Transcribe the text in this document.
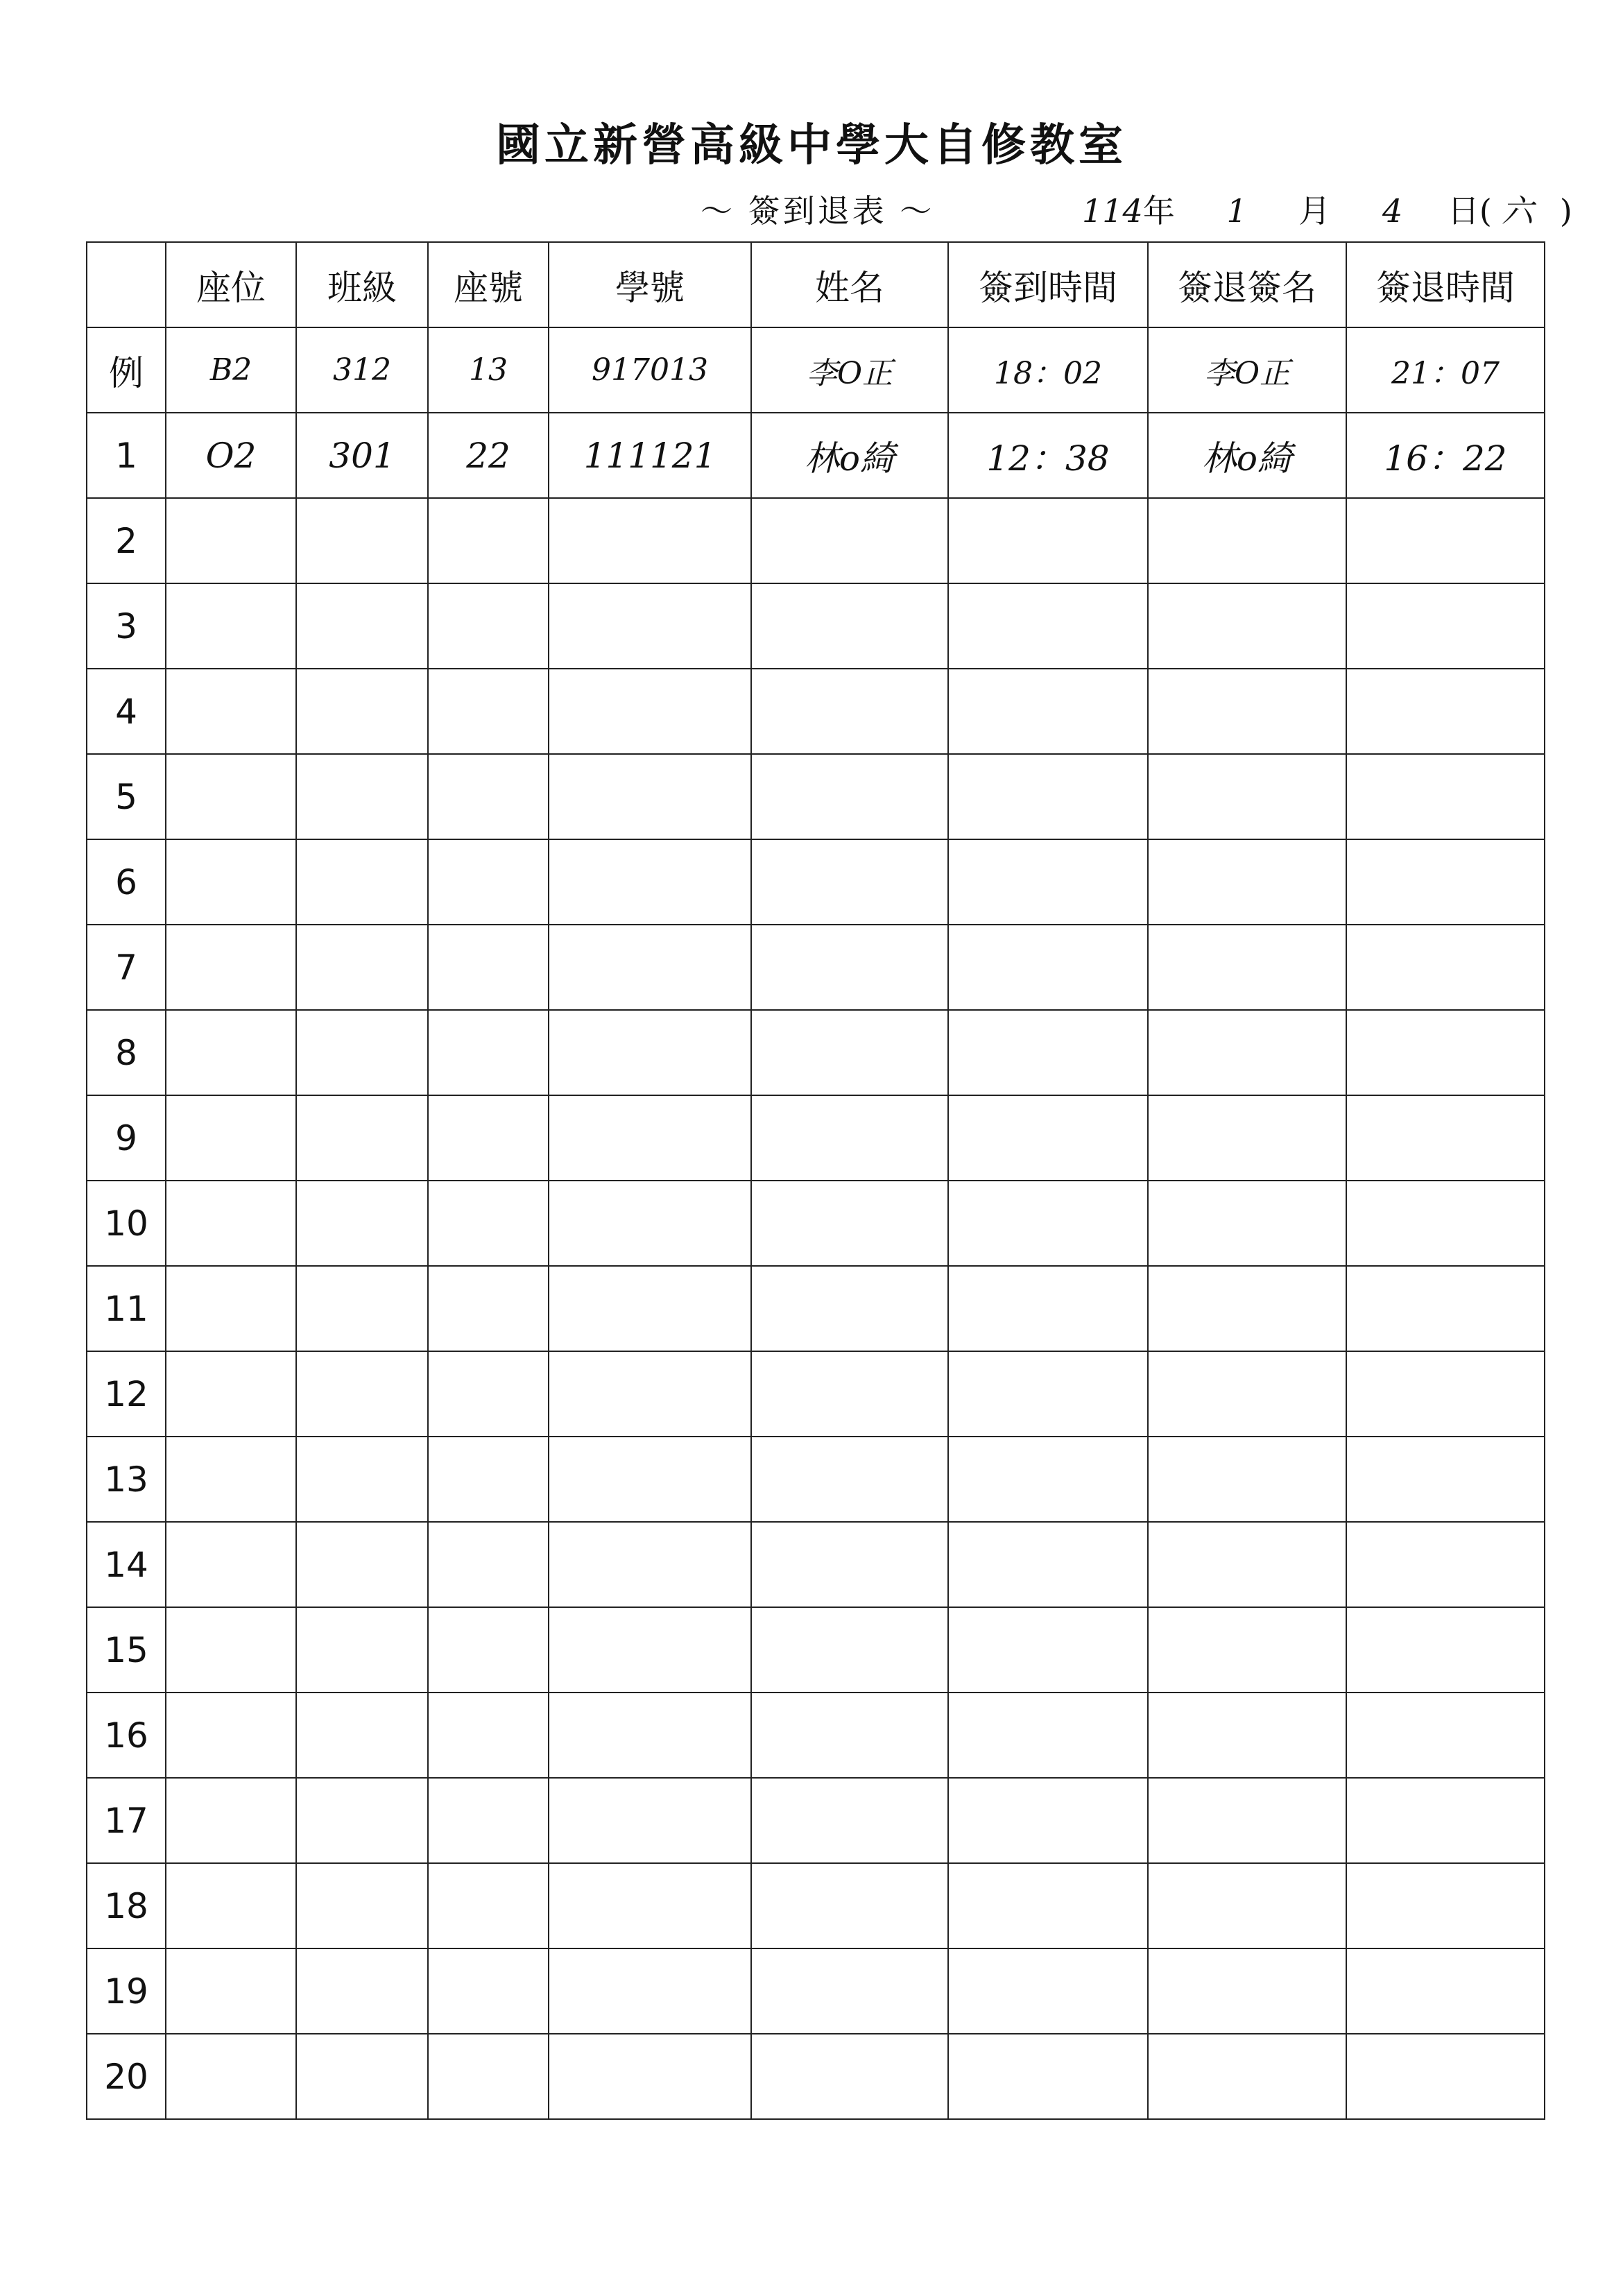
國立新營高級中學大自修教室
～ 簽到退表 ～	114年 1 月 4 日( 六 )
	座位	班級	座號	學號	姓名	簽到時間	簽退簽名	簽退時間
例	B2	312	13	917013	李O正	18：02	李O正	21：07
1	O2	301	22	111121	林o綺	12：38	林o綺	16：22
2								
3								
4								
5								
6								
7								
8								
9								
10								
11								
12								
13								
14								
15								
16								
17								
18								
19								
20								
